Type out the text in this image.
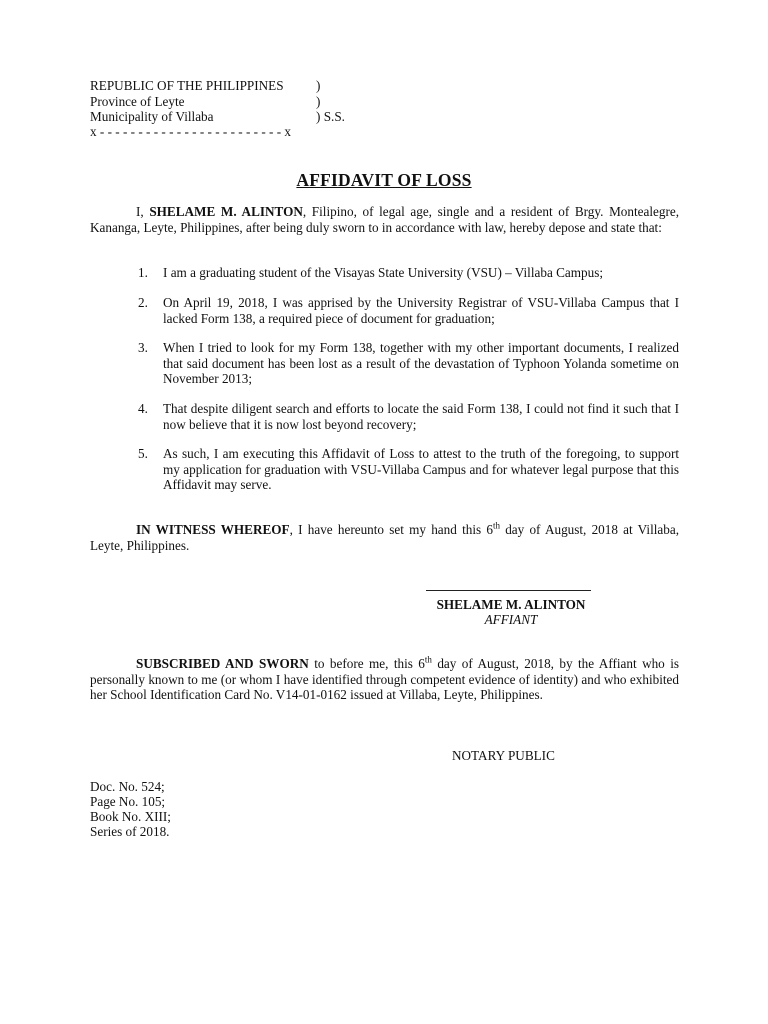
REPUBLIC OF THE PHILIPPINES )
Province of Leyte	)
Municipality of Villaba	) S.S.
x - - - - - - - - - - - - - - - - - - - - - - - - x
AFFIDAVIT OF LOSS
I, SHELAME M. ALINTON, Filipino, of legal age, single and a resident of Brgy. Montealegre, Kananga, Leyte, Philippines, after being duly sworn to in accordance with law, hereby depose and state that:
1. I am a graduating student of the Visayas State University (VSU) – Villaba Campus;
2. On April 19, 2018, I was apprised by the University Registrar of VSU-Villaba Campus that I lacked Form 138, a required piece of document for graduation;
3. When I tried to look for my Form 138, together with my other important documents, I realized that said document has been lost as a result of the devastation of Typhoon Yolanda sometime on November 2013;
4. That despite diligent search and efforts to locate the said Form 138, I could not find it such that I now believe that it is now lost beyond recovery;
5. As such, I am executing this Affidavit of Loss to attest to the truth of the foregoing, to support my application for graduation with VSU-Villaba Campus and for whatever legal purpose that this Affidavit may serve.
IN WITNESS WHEREOF, I have hereunto set my hand this 6th day of August, 2018 at Villaba, Leyte, Philippines.
SHELAME M. ALINTON
AFFIANT
SUBSCRIBED AND SWORN to before me, this 6th day of August, 2018, by the Affiant who is personally known to me (or whom I have identified through competent evidence of identity) and who exhibited her School Identification Card No. V14-01-0162 issued at Villaba, Leyte, Philippines.
NOTARY PUBLIC
Doc. No. 524;
Page No. 105;
Book No. XIII;
Series of 2018.
